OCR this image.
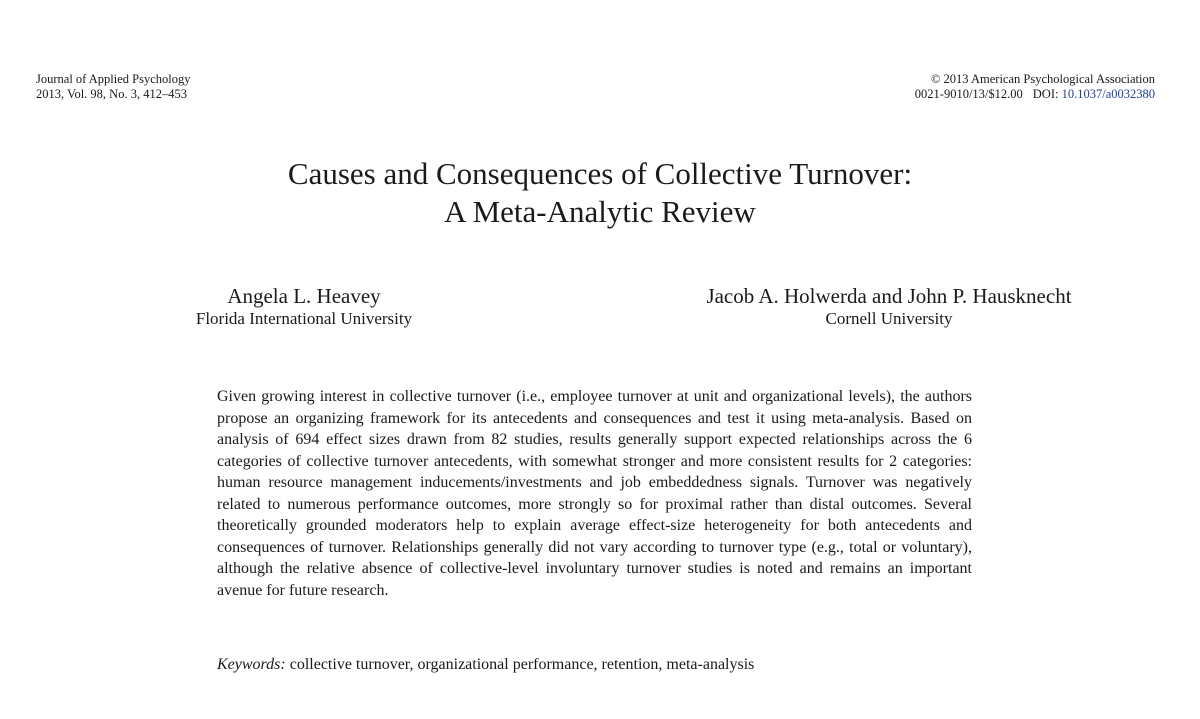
Journal of Applied Psychology
2013, Vol. 98, No. 3, 412–453
© 2013 American Psychological Association
0021-9010/13/$12.00 DOI: 10.1037/a0032380
Causes and Consequences of Collective Turnover:
A Meta-Analytic Review
Angela L. Heavey
Florida International University
Jacob A. Holwerda and John P. Hausknecht
Cornell University

Given growing interest in collective turnover (i.e., employee turnover at unit and organizational levels), the authors propose an organizing framework for its antecedents and consequences and test it using meta-analysis. Based on analysis of 694 effect sizes drawn from 82 studies, results generally support expected relationships across the 6 categories of collective turnover antecedents, with somewhat stronger and more consistent results for 2 categories: human resource management inducements/investments and job embeddedness signals. Turnover was negatively related to numerous performance outcomes, more strongly so for proximal rather than distal outcomes. Several theoretically grounded moderators help to explain average effect-size heterogeneity for both antecedents and consequences of turnover. Relationships generally did not vary according to turnover type (e.g., total or voluntary), although the relative absence of collective-level involuntary turnover studies is noted and remains an important avenue for future research.

Keywords: collective turnover, organizational performance, retention, meta-analysis
